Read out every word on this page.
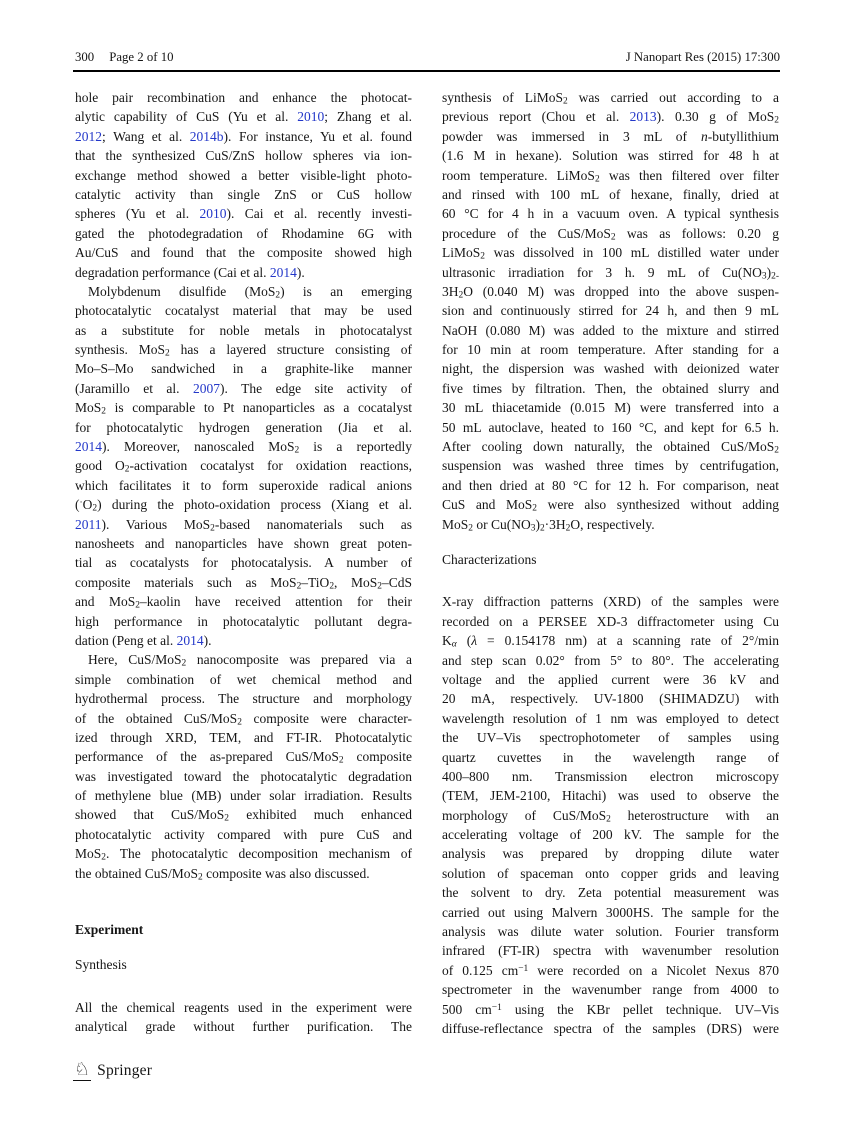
300 Page 2 of 10	J Nanopart Res (2015) 17:300
hole pair recombination and enhance the photocat-
alytic capability of CuS (Yu et al. 2010; Zhang et al.
2012; Wang et al. 2014b). For instance, Yu et al. found
that the synthesized CuS/ZnS hollow spheres via ion-
exchange method showed a better visible-light photo-
catalytic activity than single ZnS or CuS hollow
spheres (Yu et al. 2010). Cai et al. recently investi-
gated the photodegradation of Rhodamine 6G with
Au/CuS and found that the composite showed high
degradation performance (Cai et al. 2014).
Molybdenum disulfide (MoS$_2$) is an emerging
photocatalytic cocatalyst material that may be used
as a substitute for noble metals in photocatalyst
synthesis. MoS$_2$ has a layered structure consisting of
Mo–S–Mo sandwiched in a graphite-like manner
(Jaramillo et al. 2007). The edge site activity of
MoS$_2$ is comparable to Pt nanoparticles as a cocatalyst
for photocatalytic hydrogen generation (Jia et al.
2014). Moreover, nanoscaled MoS$_2$ is a reportedly
good $O_2$-activation cocatalyst for oxidation reactions,
which facilitates it to form superoxide radical anions
$(^\cdot O_2)$ during the photo-oxidation process (Xiang et al.
2011). Various MoS$_2$-based nanomaterials such as
nanosheets and nanoparticles have shown great poten-
tial as cocatalysts for photocatalysis. A number of
composite materials such as MoS$_2$–TiO$_2$, MoS$_2$–CdS
and MoS$_2$–kaolin have received attention for their
high performance in photocatalytic pollutant degra-
dation (Peng et al. 2014).
Here, CuS/MoS$_2$ nanocomposite was prepared via a
simple combination of wet chemical method and
hydrothermal process. The structure and morphology
of the obtained CuS/MoS$_2$ composite were character-
ized through XRD, TEM, and FT-IR. Photocatalytic
performance of the as-prepared CuS/MoS$_2$ composite
was investigated toward the photocatalytic degradation
of methylene blue (MB) under solar irradiation. Results
showed that CuS/MoS$_2$ exhibited much enhanced
photocatalytic activity compared with pure CuS and
MoS$_2$. The photocatalytic decomposition mechanism of
the obtained CuS/MoS$_2$ composite was also discussed.
Experiment
Synthesis
All the chemical reagents used in the experiment were
analytical grade without further purification. The
synthesis of LiMoS$_2$ was carried out according to a
previous report (Chou et al. 2013). 0.30 g of MoS$_2$
powder was immersed in 3 mL of n-butyllithium
(1.6 M in hexane). Solution was stirred for 48 h at
room temperature. LiMoS$_2$ was then filtered over filter
and rinsed with 100 mL of hexane, finally, dried at
60 °C for 4 h in a vacuum oven. A typical synthesis
procedure of the CuS/MoS$_2$ was as follows: 0.20 g
LiMoS$_2$ was dissolved in 100 mL distilled water under
ultrasonic irradiation for 3 h. 9 mL of $Cu(NO_3)_{2-}$
$3H_2O$ (0.040 M) was dropped into the above suspen-
sion and continuously stirred for 24 h, and then 9 mL
NaOH (0.080 M) was added to the mixture and stirred
for 10 min at room temperature. After standing for a
night, the dispersion was washed with deionized water
five times by filtration. Then, the obtained slurry and
30 mL thiacetamide (0.015 M) were transferred into a
50 mL autoclave, heated to 160 °C, and kept for 6.5 h.
After cooling down naturally, the obtained CuS/MoS$_2$
suspension was washed three times by centrifugation,
and then dried at 80 °C for 12 h. For comparison, neat
CuS and MoS$_2$ were also synthesized without adding
MoS$_2$ or $Cu(NO_3)_2\cdot 3H_2O$, respectively.
Characterizations
X-ray diffraction patterns (XRD) of the samples were
recorded on a PERSEE XD-3 diffractometer using Cu
$K_\alpha$ (λ = 0.154178 nm) at a scanning rate of 2°/min
and step scan 0.02° from 5° to 80°. The accelerating
voltage and the applied current were 36 kV and
20 mA, respectively. UV-1800 (SHIMADZU) with
wavelength resolution of 1 nm was employed to detect
the UV–Vis spectrophotometer of samples using
quartz cuvettes in the wavelength range of
400–800 nm. Transmission electron microscopy
(TEM, JEM-2100, Hitachi) was used to observe the
morphology of CuS/MoS$_2$ heterostructure with an
accelerating voltage of 200 kV. The sample for the
analysis was prepared by dropping dilute water
solution of spaceman onto copper grids and leaving
the solvent to dry. Zeta potential measurement was
carried out using Malvern 3000HS. The sample for the
analysis was dilute water solution. Fourier transform
infrared (FT-IR) spectra with wavenumber resolution
of 0.125 $cm^{-1}$ were recorded on a Nicolet Nexus 870
spectrometer in the wavenumber range from 4000 to
500 $cm^{-1}$ using the KBr pellet technique. UV–Vis
diffuse-reflectance spectra of the samples (DRS) were
♘ Springer
